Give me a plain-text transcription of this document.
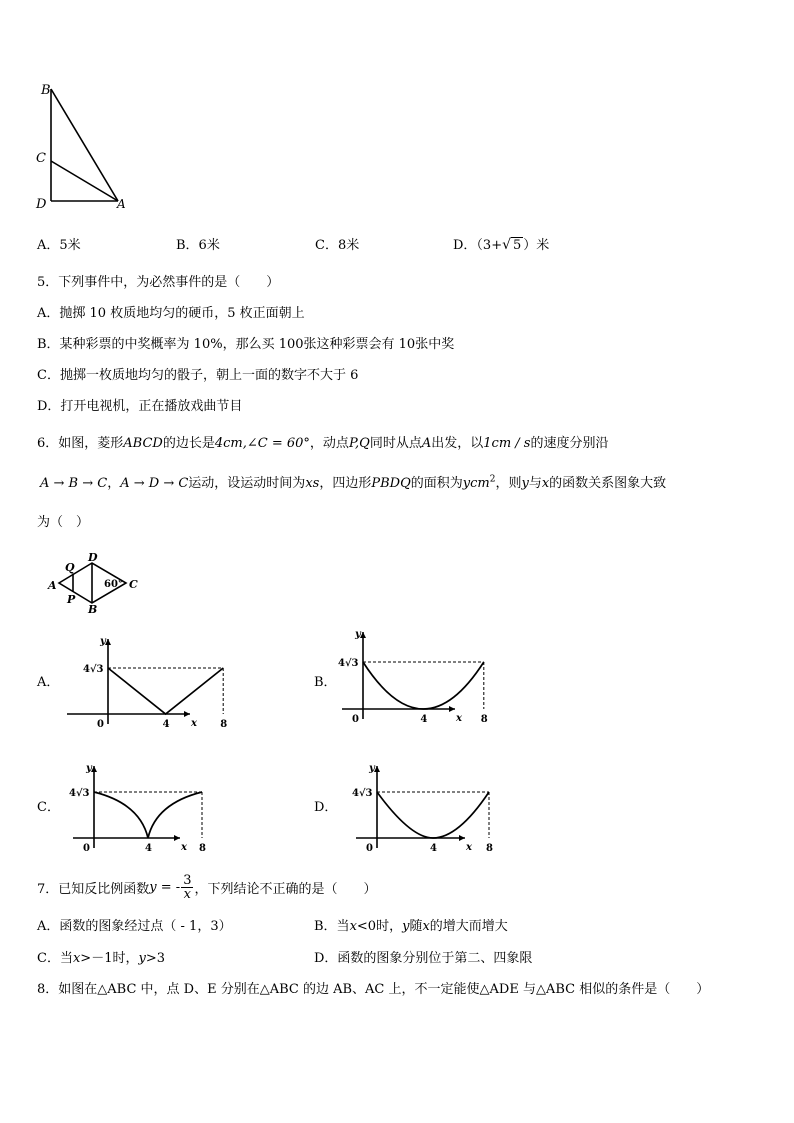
B
C
D	A
A．5米	B．6米	C．8米	D．（3+√ 5 ）米
5．下列事件中，为必然事件的是（　　）
A．抛掷 10 枚质地均匀的硬币，5 枚正面朝上
B．某种彩票的中奖概率为 10%，那么买 100张这种彩票会有 10张中奖
C．抛掷一枚质地均匀的骰子，朝上一面的数字不大于 6
D．打开电视机，正在播放戏曲节目
6．如图，菱形ABCD的边长是4cm,∠C = 60°，动点P,Q同时从点A出发，以1cm / s的速度分别沿
A → B → C，A → D → C运动，设运动时间为xs，四边形PBDQ的面积为ycm$^2$，则y与x的函数关系图象大致
为（　）
Q
D
A
P
B
C
60°
A．	B．
C．	D．
y
x
0
4√3
4	8
y
x
0
4√3
4	8
y
x
0
4√3
4	8
y
x
0
4√3
4	8
7．已知反比例函数 y = - $\frac{3}{x}$ ，下列结论不正确的是（　　）
A．函数的图象经过点（ - 1，3）	B．当x<0时，y随x的增大而增大
C．当x>－1时，y>3	D．函数的图象分别位于第二、四象限
8．如图在△ABC 中，点 D、E 分别在△ABC 的边 AB、AC 上，不一定能使△ADE 与△ABC 相似的条件是（　　）
